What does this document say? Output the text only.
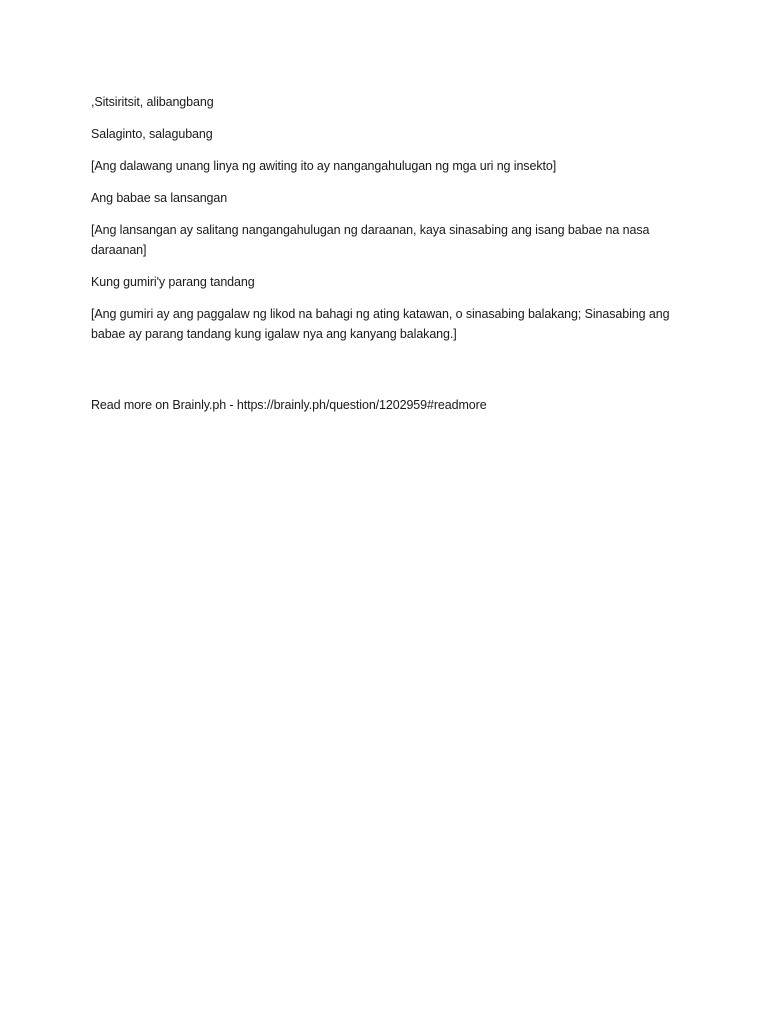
,Sitsiritsit, alibangbang

Salaginto, salagubang

[Ang dalawang unang linya ng awiting ito ay nangangahulugan ng mga uri ng insekto]

Ang babae sa lansangan

[Ang lansangan ay salitang nangangahulugan ng daraanan, kaya sinasabing ang isang babae na nasa daraanan]

Kung gumiri'y parang tandang

[Ang gumiri ay ang paggalaw ng likod na bahagi ng ating katawan, o sinasabing balakang; Sinasabing ang babae ay parang tandang kung igalaw nya ang kanyang balakang.]

Read more on Brainly.ph - https://brainly.ph/question/1202959#readmore
